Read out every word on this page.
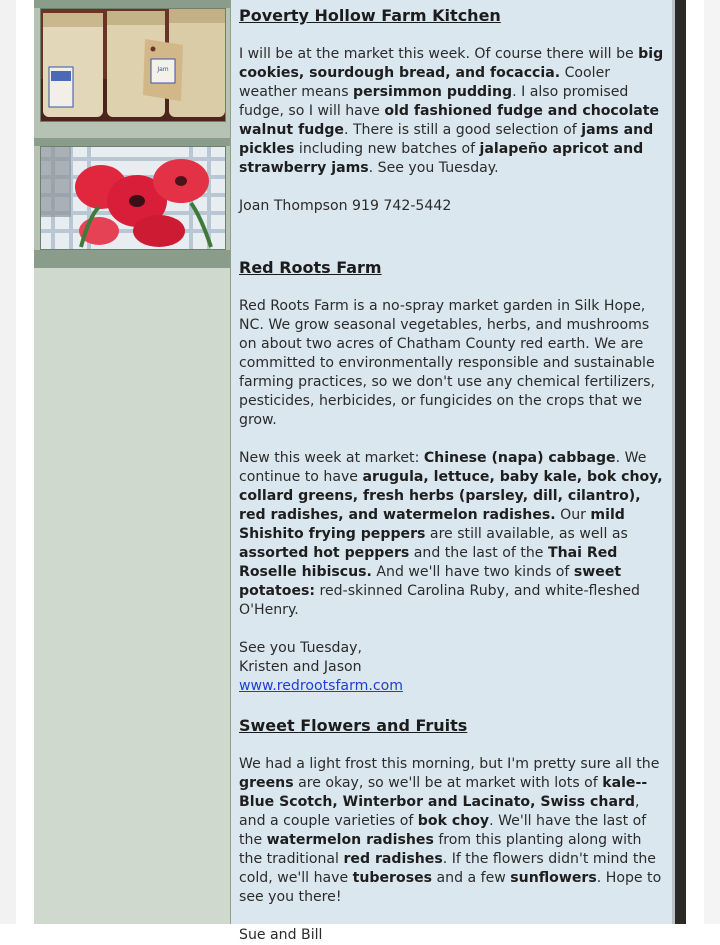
Jam
Poverty Hollow Farm Kitchen

I will be at the market this week. Of course there will be big cookies, sourdough bread, and focaccia. Cooler weather means persimmon pudding. I also promised fudge, so I will have old fashioned fudge and chocolate walnut fudge. There is still a good selection of jams and pickles including new batches of jalapeño apricot and strawberry jams. See you Tuesday.

Joan Thompson 919 742-5442

Red Roots Farm

Red Roots Farm is a no-spray market garden in Silk Hope, NC. We grow seasonal vegetables, herbs, and mushrooms on about two acres of Chatham County red earth. We are committed to environmentally responsible and sustainable farming practices, so we don't use any chemical fertilizers, pesticides, herbicides, or fungicides on the crops that we grow.

New this week at market: Chinese (napa) cabbage. We continue to have arugula, lettuce, baby kale, bok choy, collard greens, fresh herbs (parsley, dill, cilantro), red radishes, and watermelon radishes. Our mild Shishito frying peppers are still available, as well as assorted hot peppers and the last of the Thai Red Roselle hibiscus. And we'll have two kinds of sweet potatoes: red-skinned Carolina Ruby, and white-fleshed O'Henry.

See you Tuesday,

Kristen and Jason

www.redrootsfarm.com

Sweet Flowers and Fruits

We had a light frost this morning, but I'm pretty sure all the greens are okay, so we'll be at market with lots of kale--Blue Scotch, Winterbor and Lacinato, Swiss chard, and a couple varieties of bok choy. We'll have the last of the watermelon radishes from this planting along with the traditional red radishes. If the flowers didn't mind the cold, we'll have tuberoses and a few sunflowers. Hope to see you there!

Sue and Bill
